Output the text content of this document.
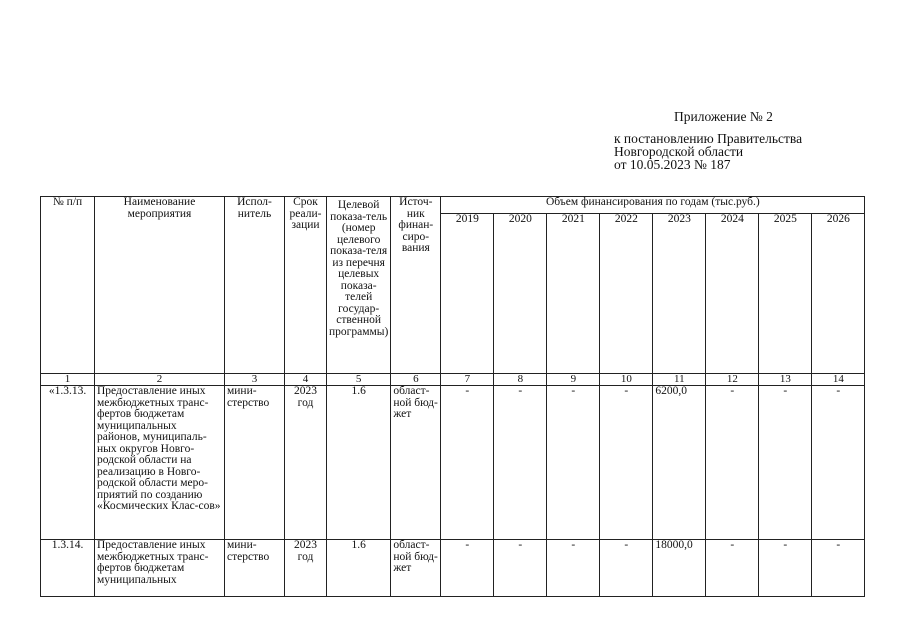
Приложение № 2
к постановлению Правительства
Новгородской области
от 10.05.2023 № 187
№ п/п	Наименование мероприятия	Испол-нитель	Срок реали-зации	Целевой показа-тель (номер целевого показа-теля из перечня целевых показа-телей государ-ственной программы)	Источ-ник финан-сиро-вания	Объем финансирования по годам (тыс.руб.)							
						2019	2020	2021	2022	2023	2024	2025	2026
1	2	3	4	5	6	7	8	9	10	11	12	13	14
«1.3.13.	Предоставление иных межбюджетных транс-фертов бюджетам муниципальных районов, муниципаль-ных округов Новго-родской области на реализацию в Новго-родской области меро-приятий по созданию «Космических Клас-сов»	мини-стерство	2023 год	1.6	област-ной бюд-жет	-	-	-	-	6200,0	-	-	-
1.3.14.	Предоставление иных межбюджетных транс-фертов бюджетам муниципальных	мини-стерство	2023 год	1.6	област-ной бюд-жет	-	-	-	-	18000,0	-	-	-
